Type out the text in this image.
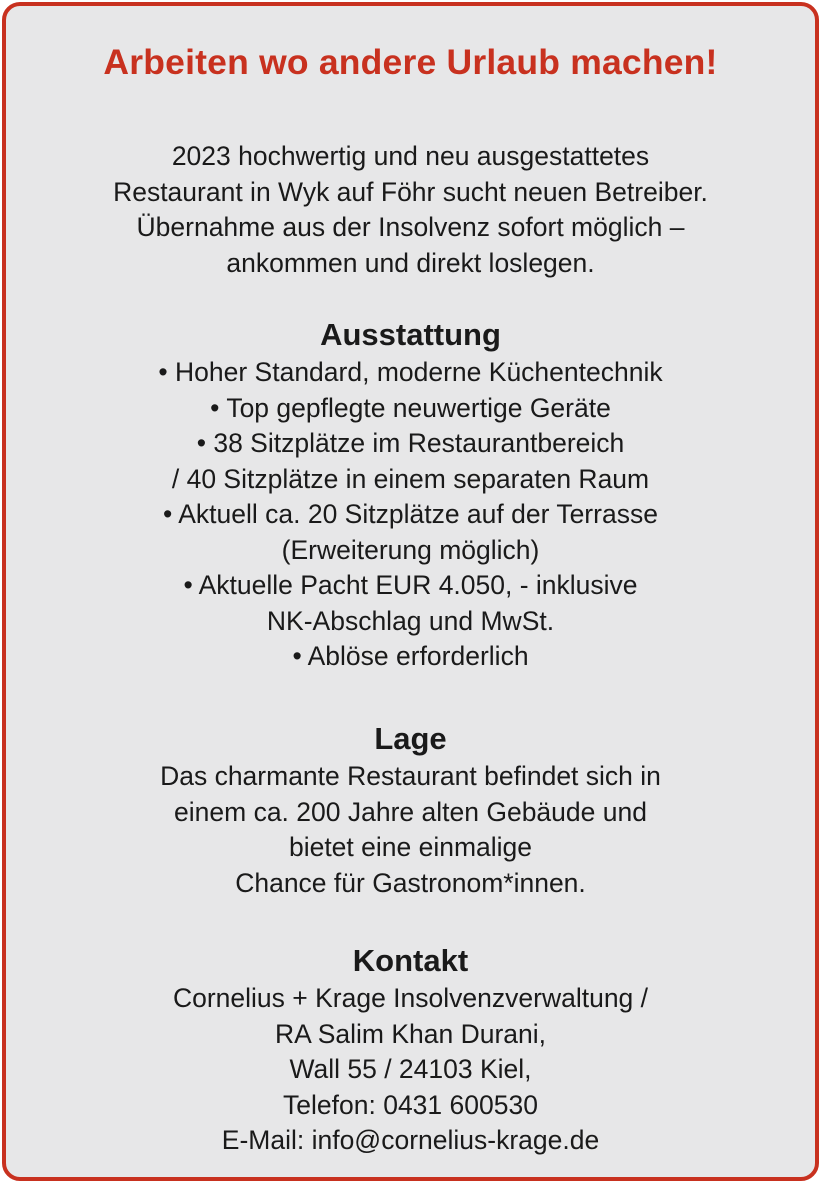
Arbeiten wo andere Urlaub machen!

2023 hochwertig und neu ausgestattetes

Restaurant in Wyk auf Föhr sucht neuen Betreiber.

Übernahme aus der Insolvenz sofort möglich –

ankommen und direkt loslegen.

Ausstattung

• Hoher Standard, moderne Küchentechnik

• Top gepflegte neuwertige Geräte

• 38 Sitzplätze im Restaurantbereich

/ 40 Sitzplätze in einem separaten Raum

• Aktuell ca. 20 Sitzplätze auf der Terrasse

(Erweiterung möglich)

• Aktuelle Pacht EUR 4.050, - inklusive

NK-Abschlag und MwSt.

• Ablöse erforderlich

Lage

Das charmante Restaurant befindet sich in

einem ca. 200 Jahre alten Gebäude und

bietet eine einmalige

Chance für Gastronom*innen.

Kontakt

Cornelius + Krage Insolvenzverwaltung /

RA Salim Khan Durani,

Wall 55 / 24103 Kiel,

Telefon: 0431 600530

E-Mail: info@cornelius-krage.de
